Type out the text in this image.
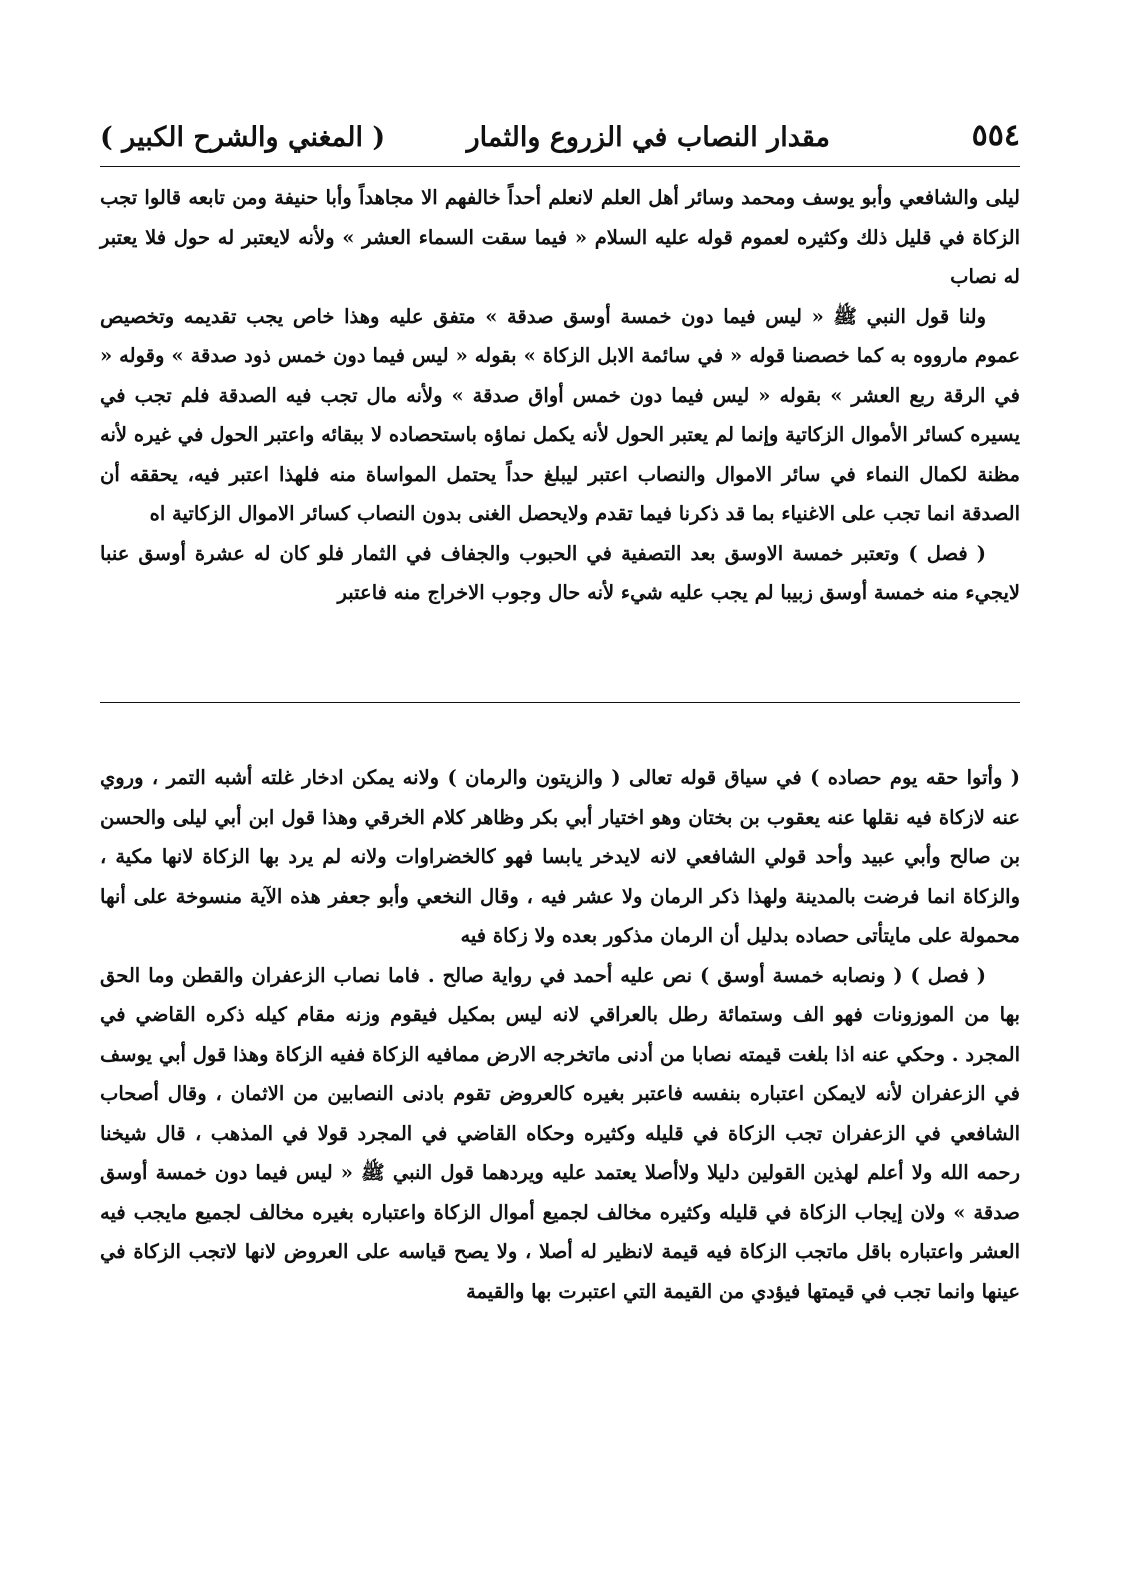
٥٥٤
مقدار النصاب في الزروع والثمار
( المغني والشرح الكبير )

ليلى والشافعي وأبو يوسف ومحمد وسائر أهل العلم لانعلم أحداً خالفهم الا مجاهداً وأبا حنيفة ومن تابعه قالوا تجب الزكاة في قليل ذلك وكثيره لعموم قوله عليه السلام « فيما سقت السماء العشر » ولأنه لايعتبر له حول فلا يعتبر له نصاب

ولنا قول النبي ﷺ « ليس فيما دون خمسة أوسق صدقة » متفق عليه وهذا خاص يجب تقديمه وتخصيص عموم مارووه به كما خصصنا قوله « في سائمة الابل الزكاة » بقوله « ليس فيما دون خمس ذود صدقة » وقوله « في الرقة ربع العشر » بقوله « ليس فيما دون خمس أواق صدقة » ولأنه مال تجب فيه الصدقة فلم تجب في يسيره كسائر الأموال الزكاتية وإنما لم يعتبر الحول لأنه يكمل نماؤه باستحصاده لا ببقائه واعتبر الحول في غيره لأنه مظنة لكمال النماء في سائر الاموال والنصاب اعتبر ليبلغ حداً يحتمل المواساة منه فلهذا اعتبر فيه، يحققه أن الصدقة انما تجب على الاغنياء بما قد ذكرنا فيما تقدم ولايحصل الغنى بدون النصاب كسائر الاموال الزكاتية اه

( فصل ) وتعتبر خمسة الاوسق بعد التصفية في الحبوب والجفاف في الثمار فلو كان له عشرة أوسق عنبا لايجيء منه خمسة أوسق زبيبا لم يجب عليه شيء لأنه حال وجوب الاخراج منه فاعتبر

( وأتوا حقه يوم حصاده ) في سياق قوله تعالى ( والزيتون والرمان ) ولانه يمكن ادخار غلته أشبه التمر ، وروي عنه لازكاة فيه نقلها عنه يعقوب بن بختان وهو اختيار أبي بكر وظاهر كلام الخرقي وهذا قول ابن أبي ليلى والحسن بن صالح وأبي عبيد وأحد قولي الشافعي لانه لايدخر يابسا فهو كالخضراوات ولانه لم يرد بها الزكاة لانها مكية ، والزكاة انما فرضت بالمدينة ولهذا ذكر الرمان ولا عشر فيه ، وقال النخعي وأبو جعفر هذه الآية منسوخة على أنها محمولة على مايتأتى حصاده بدليل أن الرمان مذكور بعده ولا زكاة فيه

( فصل ) ( ونصابه خمسة أوسق ) نص عليه أحمد في رواية صالح . فاما نصاب الزعفران والقطن وما الحق بها من الموزونات فهو الف وستمائة رطل بالعراقي لانه ليس بمكيل فيقوم وزنه مقام كيله ذكره القاضي في المجرد . وحكي عنه اذا بلغت قيمته نصابا من أدنى ماتخرجه الارض ممافيه الزكاة ففيه الزكاة وهذا قول أبي يوسف في الزعفران لأنه لايمكن اعتباره بنفسه فاعتبر بغيره كالعروض تقوم بادنى النصابين من الاثمان ، وقال أصحاب الشافعي في الزعفران تجب الزكاة في قليله وكثيره وحكاه القاضي في المجرد قولا في المذهب ، قال شيخنا رحمه الله ولا أعلم لهذين القولين دليلا ولاأصلا يعتمد عليه ويردهما قول النبي ﷺ « ليس فيما دون خمسة أوسق صدقة » ولان إيجاب الزكاة في قليله وكثيره مخالف لجميع أموال الزكاة واعتباره بغيره مخالف لجميع مايجب فيه العشر واعتباره باقل ماتجب الزكاة فيه قيمة لانظير له أصلا ، ولا يصح قياسه على العروض لانها لاتجب الزكاة في عينها وانما تجب في قيمتها فيؤدي من القيمة التي اعتبرت بها والقيمة
